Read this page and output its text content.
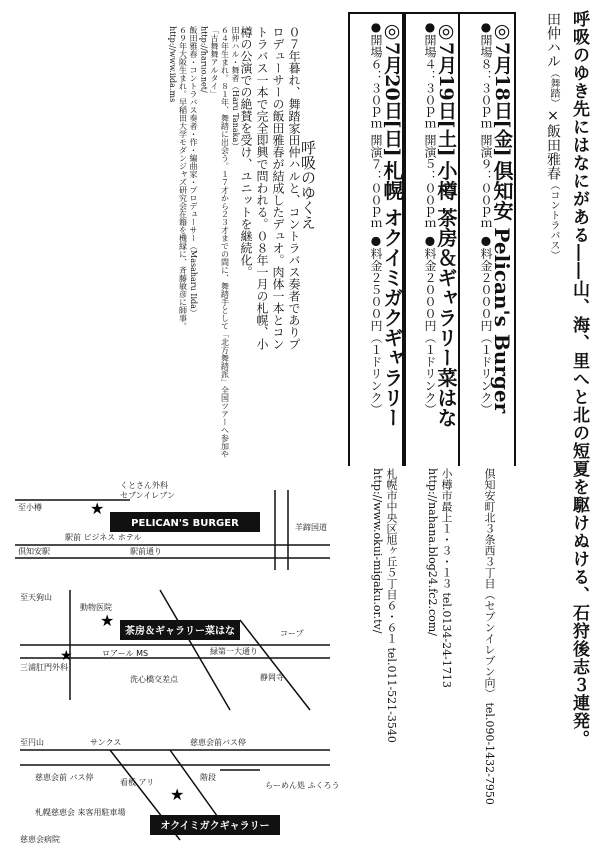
呼吸のゆき先にはなにがある――山、海、里へと北の短夏を駆けぬける、石狩後志３連発。
田仲ハル（舞踏）×飯田雅春（コントラバス）
◎7月18日[金] 倶知安 Pelican's Burger
●開場８：３０ｐｍ 開演９：００ｐｍ ●料金２０００円（１ドリンク）
倶知安町北３条西３丁目（セブンイレブン向） tel.090-1432-7950
◎7月19日[土] 小樽 茶房＆ギャラリー菜はな
●開場４：３０ｐｍ 開演５：００ｐｍ ●料金２０００円（１ドリンク）
小樽市最上１・３・１３ tel.0134-24-1713
http://nahana.blog24.fc2.com/
◎7月20日[日] 札幌 オクイミガクギャラリー
●開場６：３０ｐｍ 開演７：００ｐｍ ●料金２５００円（１ドリンク）
札幌市中央区旭ヶ丘５丁目６・６１ tel.011-521-3540
http://www.okui-migaku.or.tv/
呼吸のゆくえ
０７年暮れ、舞踏家田仲ハルと、コントラバス奏者でありプロデューサーの飯田雅春が結成したデュオ。肉体一本とコントラバス一本で完全即興で問われる。０８年一月の札幌、小樽の公演での絶賛を受け、ユニットを継続化。

田仲ハル・舞者（Haru Tanaka）

６４年生まれ。８１年、舞踏に出会う。１７才から２３才までの間に、舞踏手として「北方舞踏派」全国ツアーへ参加や「古舞舞アルタイ」

http://haruo.net/

飯田雅春・コントラバス奏者・作・編曲家・プロデューサー（Masaharu Iida）

６９年大阪生まれ。早稲田大学モダンジャズ研究会在籍を機縁に、斉藤敏彦に師事。

http://www.iida.ms

PELICAN'S BURGER
茶房＆ギャラリー菜はな
オクイミガクギャラリー
★
★
★
★
くとさん外科
セブンイレブン
駅前通り
至小樽
倶知安駅
駅前 ビジネス ホテル
羊蹄国道
至天狗山
動物医院
ロアール MS
三浦肛門外科
洗心橋交差点
緑第一大通り
コープ
静岡寺
至円山	サンクス	慈恵会前バス停
慈恵会前 バス停
看板 アリ
階段
らーめん処 ふくろう
札幌慈恵会 来客用駐車場
慈恵会病院
